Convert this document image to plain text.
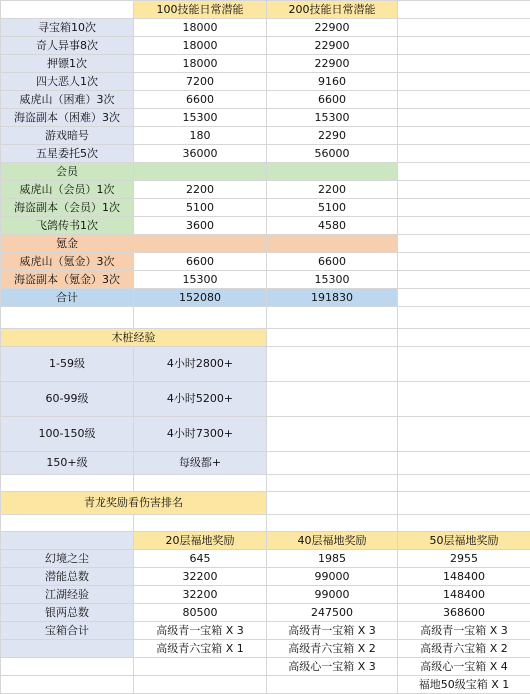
	100技能日常潜能	200技能日常潜能	
寻宝箱10次	18000	22900	
奇人异事8次	18000	22900	
押镖1次	18000	22900	
四大恶人1次	7200	9160	
威虎山（困难）3次	6600	6600	
海盗副本（困难）3次	15300	15300	
游戏暗号	180	2290	
五星委托5次	36000	56000	
会员			
威虎山（会员）1次	2200	2200	
海盗副本（会员）1次	5100	5100	
飞鸽传书1次	3600	4580	
氪金			
威虎山（氪金）3次	6600	6600	
海盗副本（氪金）3次	15300	15300	
合计	152080	191830	

木桩经验			
1-59级	4小时2800+		
60-99级	4小时5200+		
100-150级	4小时7300+		
150+级	每级都+		

青龙奖励看伤害排名			

	20层福地奖励	40层福地奖励	50层福地奖励
幻境之尘	645	1985	2955
潜能总数	32200	99000	148400
江湖经验	32200	99000	148400
银两总数	80500	247500	368600
宝箱合计	高级青一宝箱 X 3	高级青一宝箱 X 3	高级青一宝箱 X 3
	高级青六宝箱 X 1	高级青六宝箱 X 2	高级青六宝箱 X 2
		高级心一宝箱 X 3	高级心一宝箱 X 4
			福地50级宝箱 X 1
